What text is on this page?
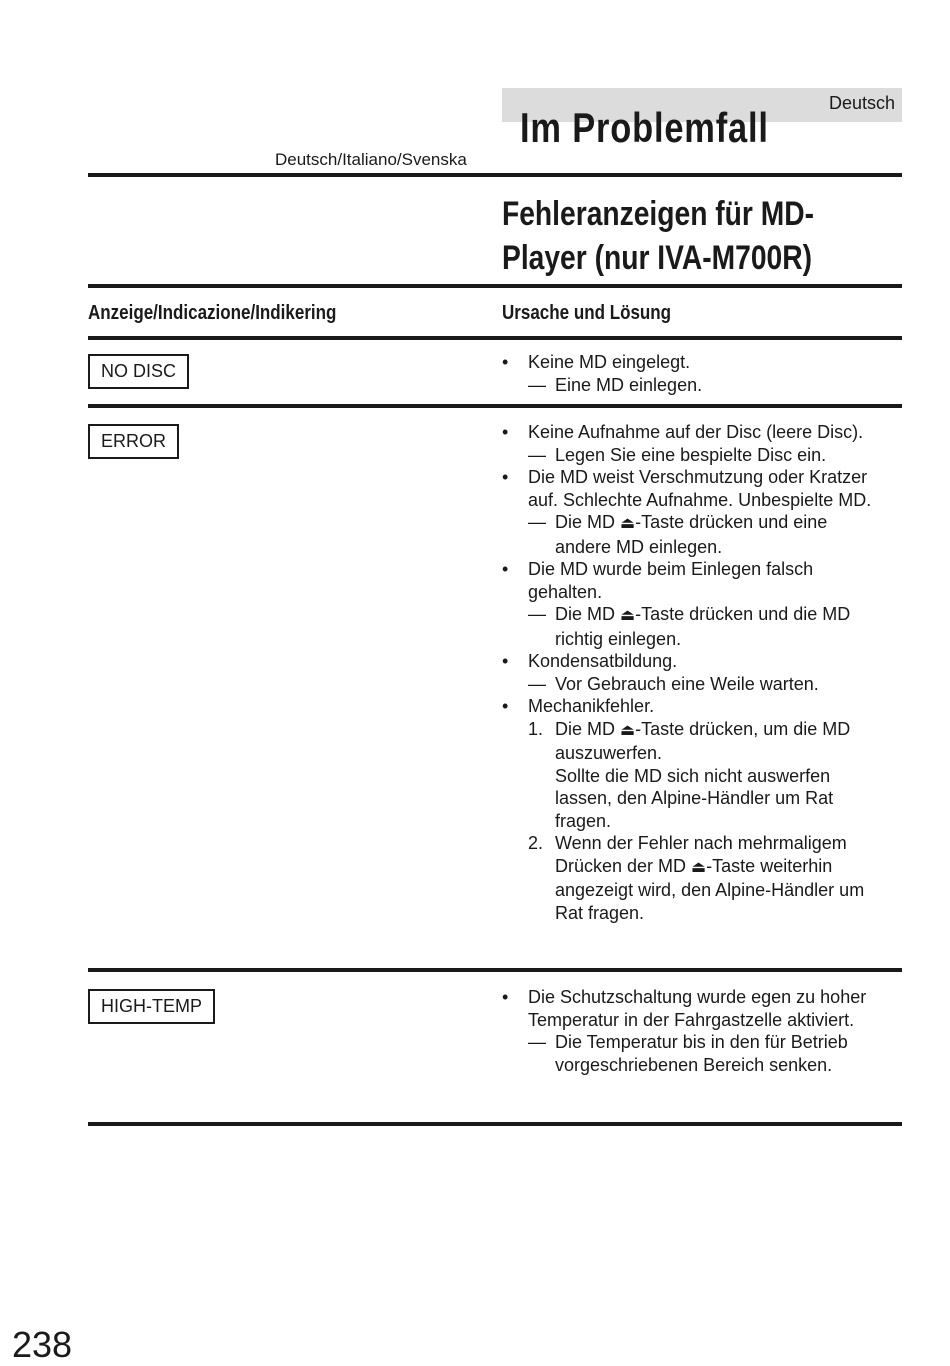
Deutsch
Im Problemfall
Deutsch/Italiano/Svenska
Fehleranzeigen für MD-
Player (nur IVA-M700R)
Anzeige/Indicazione/Indikering	Ursache und Lösung
NO DISC	•	Keine MD eingelegt.
— Eine MD einlegen.
ERROR	•	Keine Aufnahme auf der Disc (leere Disc).
— Legen Sie eine bespielte Disc ein.
•	Die MD weist Verschmutzung oder Kratzer
auf. Schlechte Aufnahme. Unbespielte MD.
— Die MD ⏏-Taste drücken und eine
andere MD einlegen.
•	Die MD wurde beim Einlegen falsch
gehalten.
— Die MD ⏏-Taste drücken und die MD
richtig einlegen.
•	Kondensatbildung.
— Vor Gebrauch eine Weile warten.
•	Mechanikfehler.
1. Die MD ⏏-Taste drücken, um die MD
auszuwerfen.
Sollte die MD sich nicht auswerfen
lassen, den Alpine-Händler um Rat
fragen.
2. Wenn der Fehler nach mehrmaligem
Drücken der MD ⏏-Taste weiterhin
angezeigt wird, den Alpine-Händler um
Rat fragen.
HIGH-TEMP	•	Die Schutzschaltung wurde egen zu hoher
Temperatur in der Fahrgastzelle aktiviert.
— Die Temperatur bis in den für Betrieb
vorgeschriebenen Bereich senken.
238
